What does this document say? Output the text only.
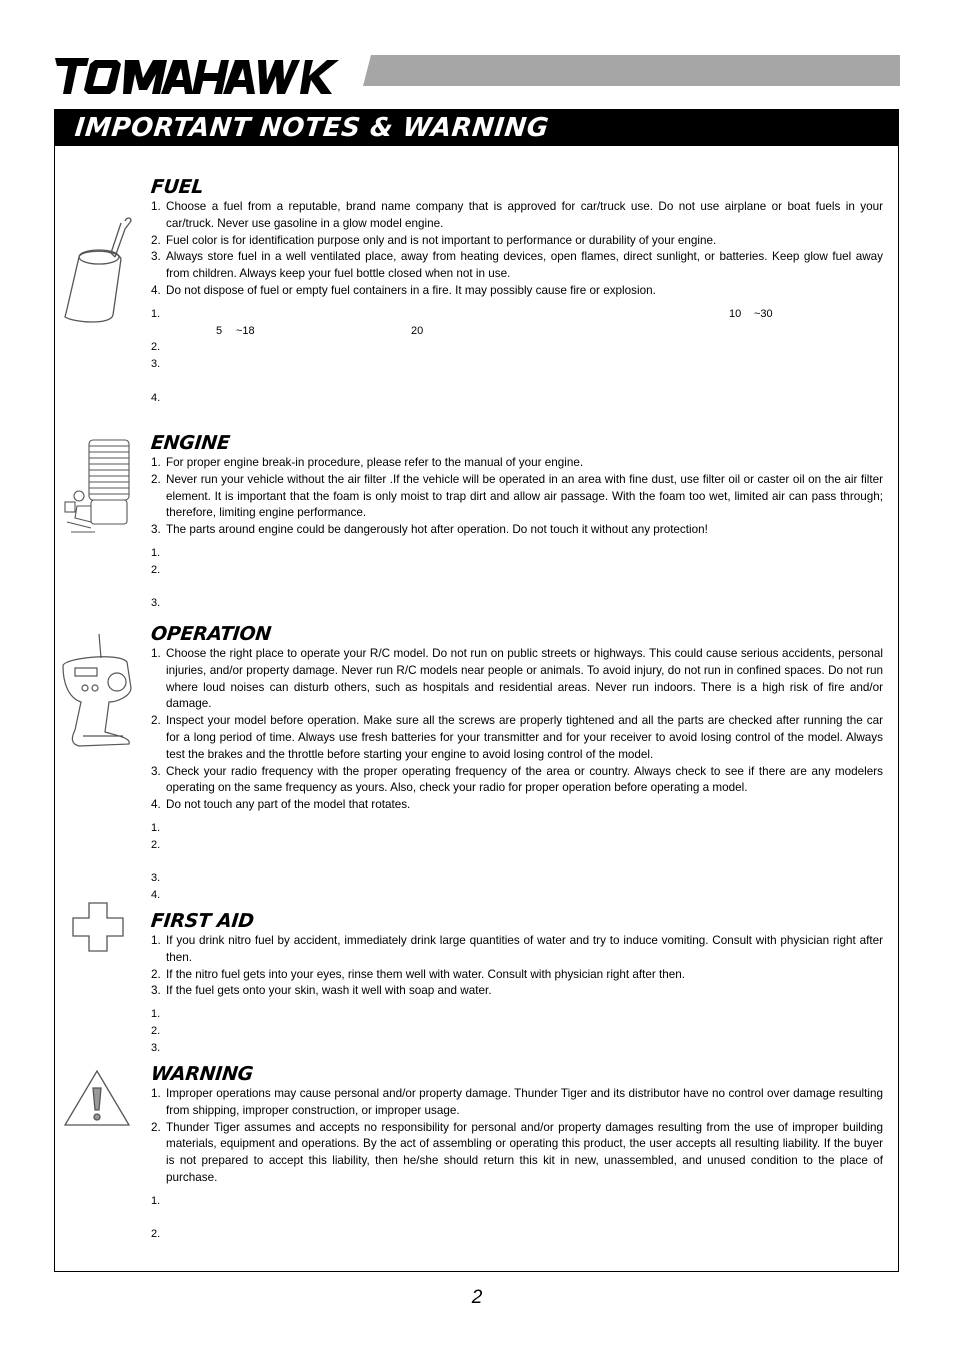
IMPORTANT NOTES & WARNING
FUEL
1. Choose a fuel from a reputable, brand name company that is approved for car/truck use. Do not use airplane or boat fuels in your car/truck. Never use gasoline in a glow model engine.
2. Fuel color is for identification purpose only and is not important to performance or durability of your engine.
3. Always store fuel in a well ventilated place, away from heating devices, open flames, direct sunlight, or batteries. Keep glow fuel away from children. Always keep your fuel bottle closed when not in use.
4. Do not dispose of fuel or empty fuel containers in a fire. It may possibly cause fire or explosion.
1.	10 ~30
5 ~18	20
2.
3.
4.
ENGINE
1. For proper engine break-in procedure, please refer to the manual of your engine.
2. Never run your vehicle without the air filter .If the vehicle will be operated in an area with fine dust, use filter oil or caster oil on the air filter element. It is important that the foam is only moist to trap dirt and allow air passage. With the foam too wet, limited air can pass through; therefore, limiting engine performance.
3. The parts around engine could be dangerously hot after operation. Do not touch it without any protection!
1.
2.
3.
OPERATION
1. Choose the right place to operate your R/C model. Do not run on public streets or highways. This could cause serious accidents, personal injuries, and/or property damage. Never run R/C models near people or animals. To avoid injury, do not run in confined spaces. Do not run where loud noises can disturb others, such as hospitals and residential areas. Never run indoors. There is a high risk of fire and/or damage.
2. Inspect your model before operation. Make sure all the screws are properly tightened and all the parts are checked after running the car for a long period of time. Always use fresh batteries for your transmitter and for your receiver to avoid losing control of the model. Always test the brakes and the throttle before starting your engine to avoid losing control of the model.
3. Check your radio frequency with the proper operating frequency of the area or country. Always check to see if there are any modelers operating on the same frequency as yours. Also, check your radio for proper operation before operating a model.
4. Do not touch any part of the model that rotates.
1.
2.
3.
4.
FIRST AID
1. If you drink nitro fuel by accident, immediately drink large quantities of water and try to induce vomiting. Consult with physician right after then.
2. If the nitro fuel gets into your eyes, rinse them well with water. Consult with physician right after then.
3. If the fuel gets onto your skin, wash it well with soap and water.
1.
2.
3.
WARNING
1. Improper operations may cause personal and/or property damage. Thunder Tiger and its distributor have no control over damage resulting from shipping, improper construction, or improper usage.
2. Thunder Tiger assumes and accepts no responsibility for personal and/or property damages resulting from the use of improper building materials, equipment and operations. By the act of assembling or operating this product, the user accepts all resulting liability. If the buyer is not prepared to accept this liability, then he/she should return this kit in new, unassembled, and unused condition to the place of purchase.
1.
2.
2
